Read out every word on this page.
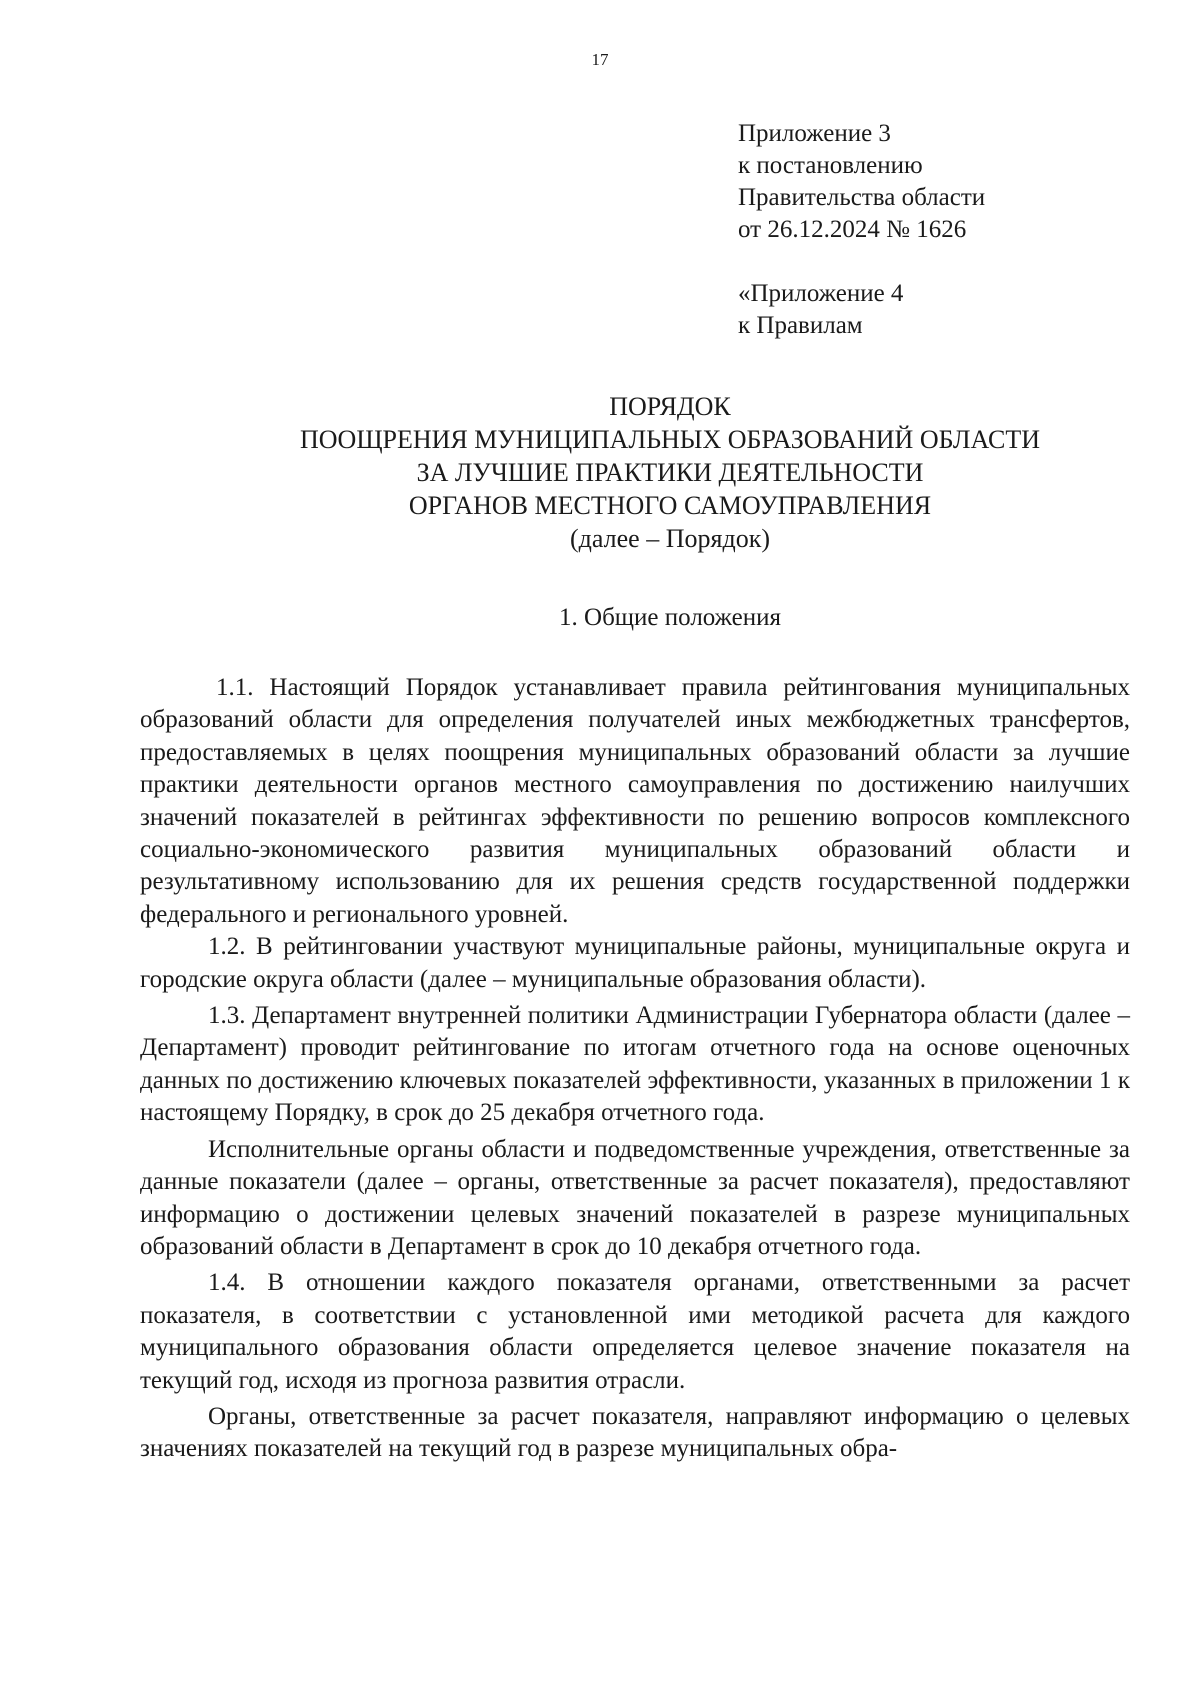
17
Приложение 3
к постановлению
Правительства области
от 26.12.2024 № 1626
«Приложение 4
к Правилам
ПОРЯДОК
ПООЩРЕНИЯ МУНИЦИПАЛЬНЫХ ОБРАЗОВАНИЙ ОБЛАСТИ
ЗА ЛУЧШИЕ ПРАКТИКИ ДЕЯТЕЛЬНОСТИ
ОРГАНОВ МЕСТНОГО САМОУПРАВЛЕНИЯ
(далее – Порядок)
1. Общие положения

1.1. Настоящий Порядок устанавливает правила рейтингования муниципальных образований области для определения получателей иных межбюджетных трансфертов, предоставляемых в целях поощрения муниципальных образований области за лучшие практики деятельности органов местного самоуправления по достижению наилучших значений показателей в рейтингах эффективности по решению вопросов комплексного социально-экономического развития муниципальных образований области и результативному использованию для их решения средств государственной поддержки федерального и регионального уровней.

1.2. В рейтинговании участвуют муниципальные районы, муниципальные округа и городские округа области (далее – муниципальные образования области).

1.3. Департамент внутренней политики Администрации Губернатора области (далее – Департамент) проводит рейтингование по итогам отчетного года на основе оценочных данных по достижению ключевых показателей эффективности, указанных в приложении 1 к настоящему Порядку, в срок до 25 декабря отчетного года.

Исполнительные органы области и подведомственные учреждения, ответственные за данные показатели (далее – органы, ответственные за расчет показателя), предоставляют информацию о достижении целевых значений показателей в разрезе муниципальных образований области в Департамент в срок до 10 декабря отчетного года.

1.4. В отношении каждого показателя органами, ответственными за расчет показателя, в соответствии с установленной ими методикой расчета для каждого муниципального образования области определяется целевое значение показателя на текущий год, исходя из прогноза развития отрасли.

Органы, ответственные за расчет показателя, направляют информацию о целевых значениях показателей на текущий год в разрезе муниципальных обра-
